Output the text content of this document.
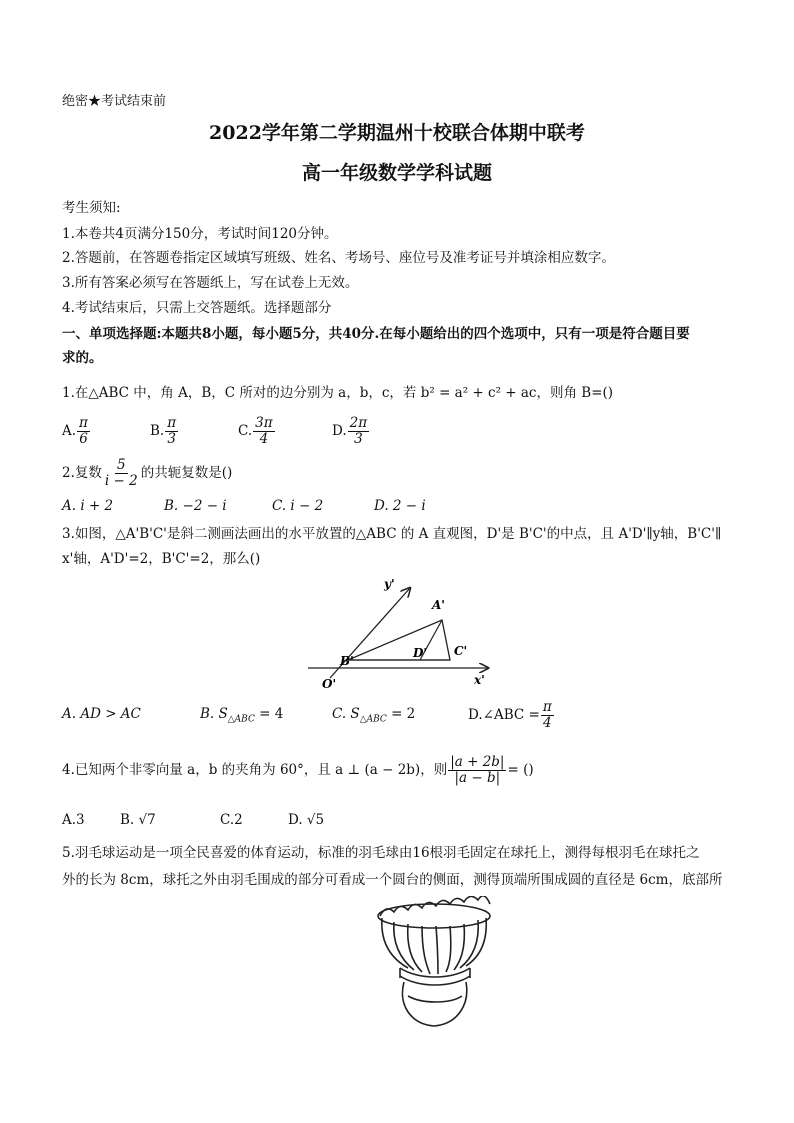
绝密★考试结束前
2022学年第二学期温州十校联合体期中联考
高一年级数学学科试题
考生须知:
1.本卷共4页满分150分，考试时间120分钟。
2.答题前，在答题卷指定区域填写班级、姓名、考场号、座位号及准考证号并填涂相应数字。
3.所有答案必须写在答题纸上，写在试卷上无效。
4.考试结束后，只需上交答题纸。选择题部分
一、单项选择题:本题共8小题，每小题5分，共40分.在每小题给出的四个选项中，只有一项是符合题目要
求的。
1.在△ABC 中，角 A，B，C 所对的边分别为 a，b，c，若 b² = a² + c² + ac，则角 B=()
A. $\frac{\pi}{6}$	B. $\frac{\pi}{3}$	C. $\frac{3\pi}{4}$	D. $\frac{2\pi}{3}$
2.复数 $\frac{5}{i - 2}$ 的共轭复数是()
A. i + 2	B. −2 − i	C. i − 2	D. 2 − i
3.如图，△A'B'C'是斜二测画法画出的水平放置的△ABC 的 A 直观图，D'是 B'C'的中点，且 A'D'∥y轴，B'C'∥
x'轴，A'D'=2，B'C'=2，那么()
y'
A'
B'
D' C'
O'	x'
A. AD > AC	B. $S_{\triangle ABC} = 4$	C. $S_{\triangle ABC} = 2$	D.∠ABC = $\frac{\pi}{4}$
4.已知两个非零向量 a，b 的夹角为 60°，且 a ⊥ (a − 2b)，则 $\frac{|a + 2b|}{|a - b|}$ = ()
A.3	B. √7	C.2	D. √5
5.羽毛球运动是一项全民喜爱的体育运动，标准的羽毛球由16根羽毛固定在球托上，测得每根羽毛在球托之
外的长为 8cm，球托之外由羽毛围成的部分可看成一个圆台的侧面，测得顶端所围成圆的直径是 6cm，底部所
